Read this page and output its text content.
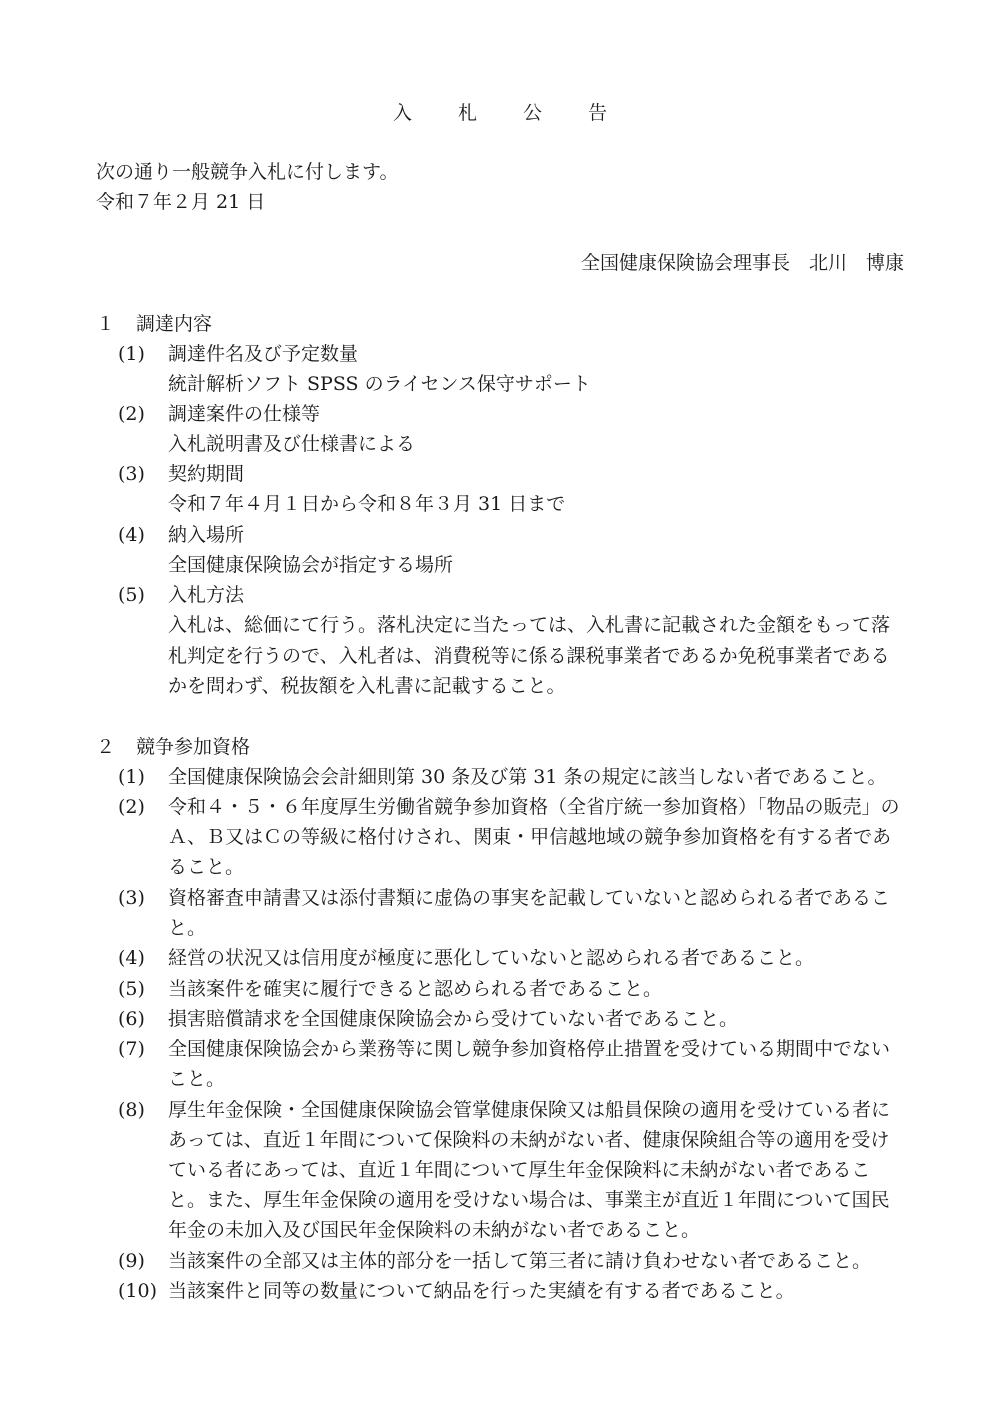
入 札 公 告
次の通り一般競争入札に付します。
令和７年２月 21 日
全国健康保険協会理事長　北川　博康
１ 調達内容
(1)	調達件名及び予定数量
統計解析ソフト SPSS のライセンス保守サポート
(2)	調達案件の仕様等
入札説明書及び仕様書による
(3)	契約期間
令和７年４月１日から令和８年３月 31 日まで
(4)	納入場所
全国健康保険協会が指定する場所
(5)	入札方法
入札は、総価にて行う。落札決定に当たっては、入札書に記載された金額をもって落札判定を行うので、入札者は、消費税等に係る課税事業者であるか免税事業者であるかを問わず、税抜額を入札書に記載すること。
２ 競争参加資格
(1)	全国健康保険協会会計細則第 30 条及び第 31 条の規定に該当しない者であること。
(2)	令和４・５・６年度厚生労働省競争参加資格（全省庁統一参加資格）「物品の販売」のＡ、Ｂ又はＣの等級に格付けされ、関東・甲信越地域の競争参加資格を有する者であること。
(3)	資格審査申請書又は添付書類に虚偽の事実を記載していないと認められる者であること。
(4)	経営の状況又は信用度が極度に悪化していないと認められる者であること。
(5)	当該案件を確実に履行できると認められる者であること。
(6)	損害賠償請求を全国健康保険協会から受けていない者であること。
(7)	全国健康保険協会から業務等に関し競争参加資格停止措置を受けている期間中でないこと。
(8)	厚生年金保険・全国健康保険協会管掌健康保険又は船員保険の適用を受けている者にあっては、直近１年間について保険料の未納がない者、健康保険組合等の適用を受けている者にあっては、直近１年間について厚生年金保険料に未納がない者であること。また、厚生年金保険の適用を受けない場合は、事業主が直近１年間について国民年金の未加入及び国民年金保険料の未納がない者であること。
(9)	当該案件の全部又は主体的部分を一括して第三者に請け負わせない者であること。
(10) 当該案件と同等の数量について納品を行った実績を有する者であること。
